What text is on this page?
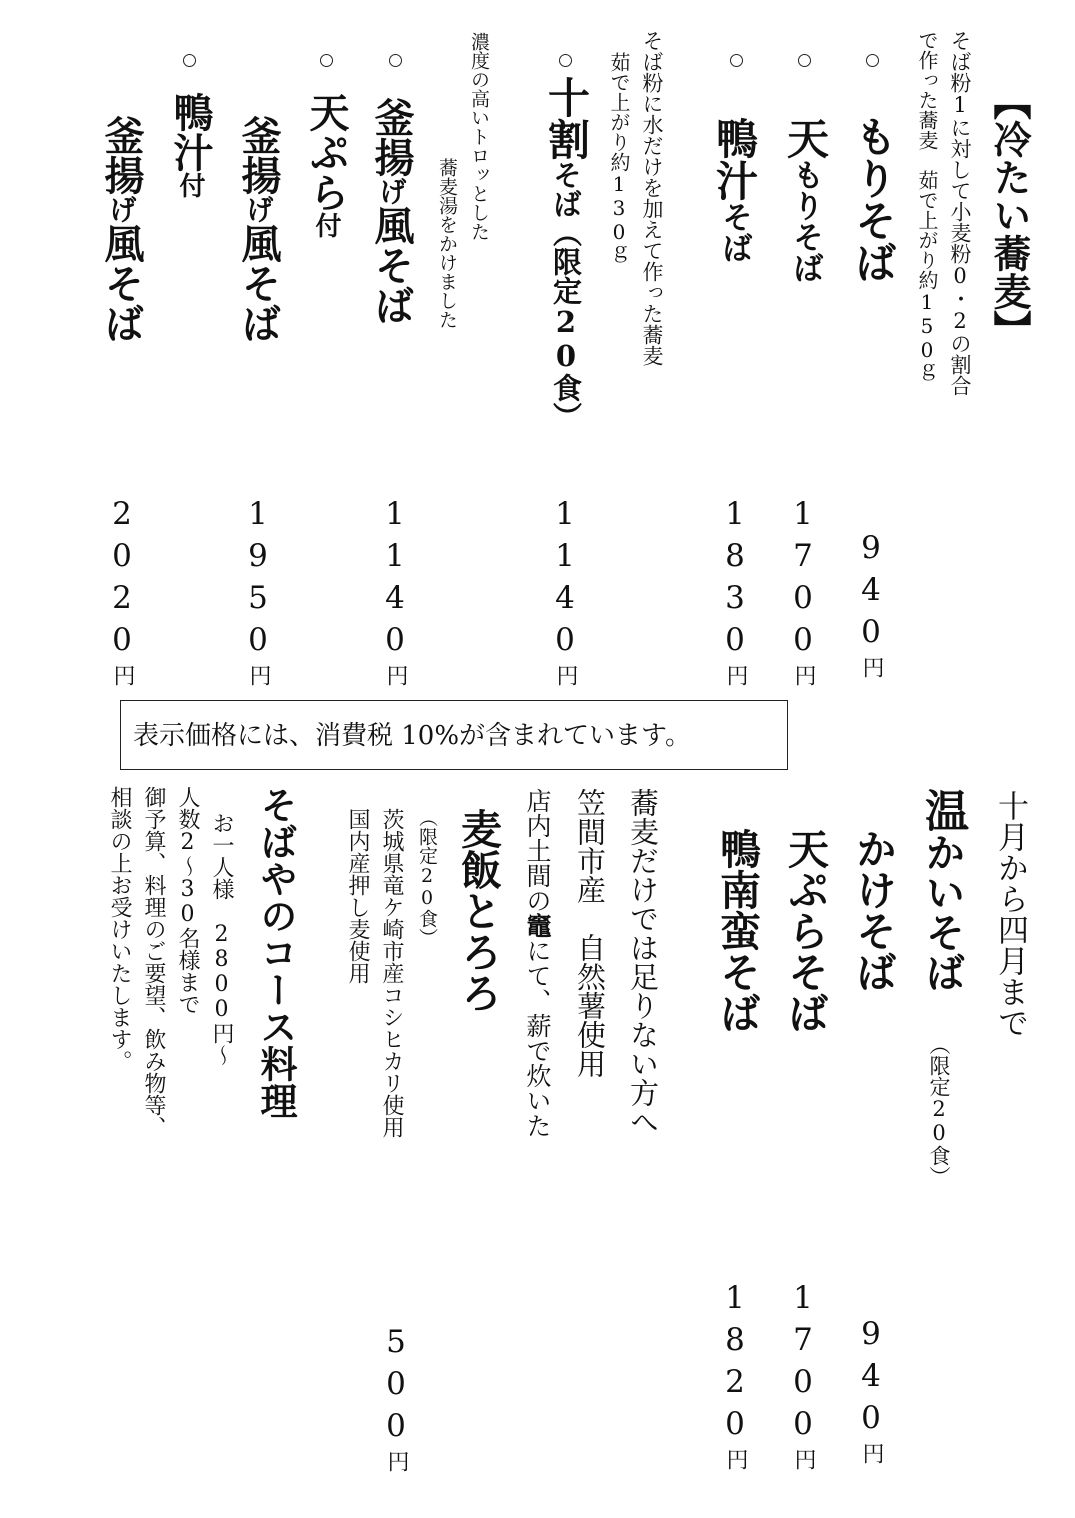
【冷たい蕎麦】
そば粉1に対して小麦粉0・2の割合
で作った蕎麦　茹で上がり約150ｇ
もりそば
940円
天もりそば
1700円
鴨汁そば
1830円
そば粉に水だけを加えて作った蕎麦
茹で上がり約130ｇ
十割そば（限定20食）
1140円
濃度の高いトロッとした
蕎麦湯をかけました
釜揚げ風そば
1140円
天ぷら付
釜揚げ風そば
1950円
鴨汁付
釜揚げ風そば
2020円
表示価格には、消費税 10%が含まれています。
十月から四月まで
温かいそば
（限定20食）
かけそば
940円
天ぷらそば
1700円
鴨南蛮そば
1820円
蕎麦だけでは足りない方へ
笠間市産　自然薯使用
店内土間の竈にて、薪で炊いた
麦飯とろろ
（限定20食）
茨城県竜ケ崎市産コシヒカリ使用
国内産押し麦使用
500円
そばやのコース料理
お一人様　2800円～
人数2～30名様まで
御予算、料理のご要望、飲み物等、
相談の上お受けいたします。
